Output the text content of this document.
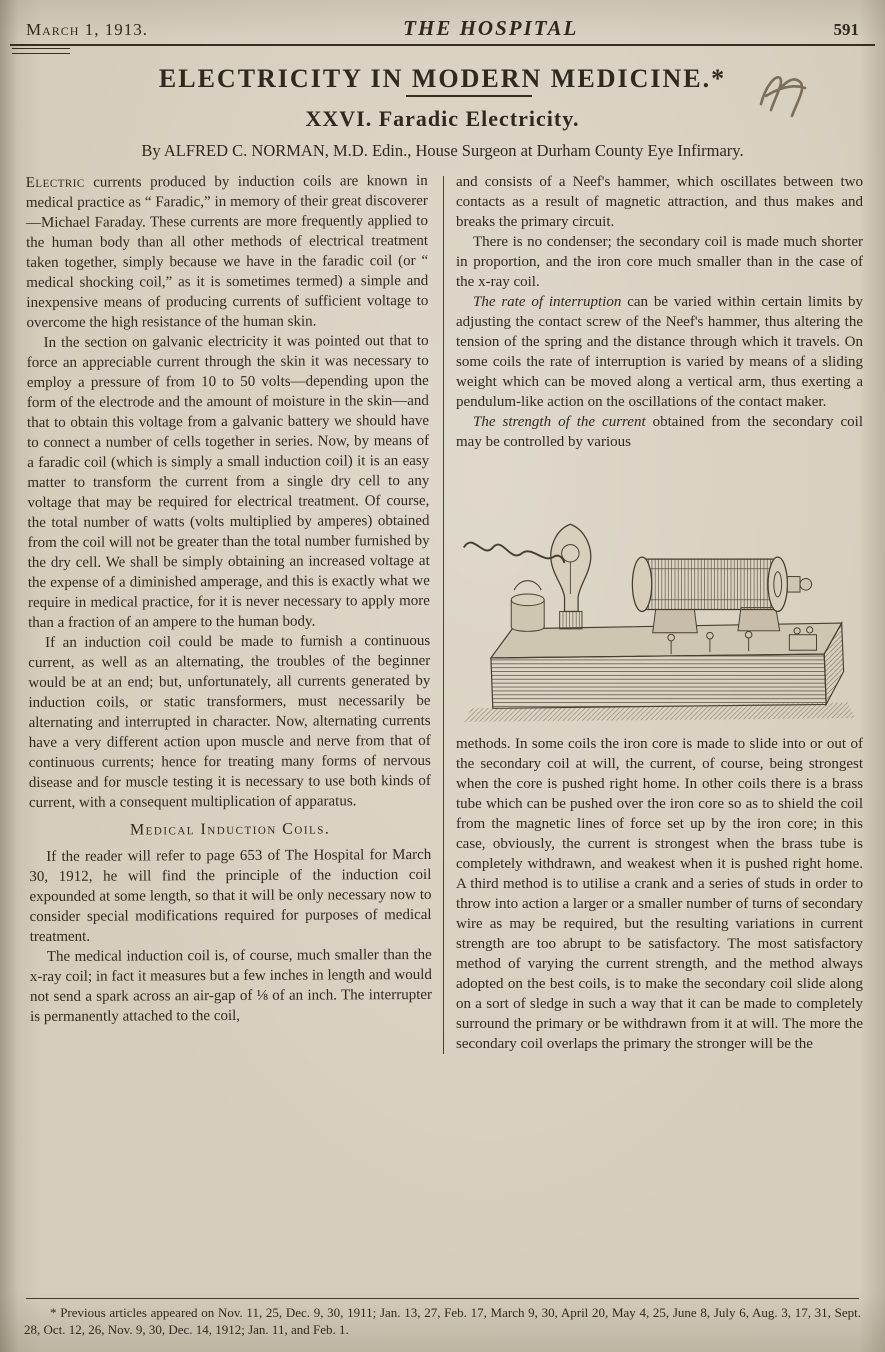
March 1, 1913.	THE HOSPITAL	591
ELECTRICITY IN MODERN MEDICINE.*
XXVI. Faradic Electricity.
By ALFRED C. NORMAN, M.D. Edin., House Surgeon at Durham County Eye Infirmary.

Electric currents produced by induction coils are known in medical practice as “ Faradic,” in memory of their great discoverer—Michael Faraday. These currents are more frequently applied to the human body than all other methods of electrical treatment taken together, simply because we have in the faradic coil (or “ medical shocking coil,” as it is sometimes termed) a simple and inexpensive means of producing currents of sufficient voltage to overcome the high resistance of the human skin.

In the section on galvanic electricity it was pointed out that to force an appreciable current through the skin it was necessary to employ a pressure of from 10 to 50 volts—depending upon the form of the electrode and the amount of moisture in the skin—and that to obtain this voltage from a galvanic battery we should have to connect a number of cells together in series. Now, by means of a faradic coil (which is simply a small induction coil) it is an easy matter to transform the current from a single dry cell to any voltage that may be required for electrical treatment. Of course, the total number of watts (volts multiplied by amperes) obtained from the coil will not be greater than the total number furnished by the dry cell. We shall be simply obtaining an increased voltage at the expense of a diminished amperage, and this is exactly what we require in medical practice, for it is never necessary to apply more than a fraction of an ampere to the human body.

If an induction coil could be made to furnish a continuous current, as well as an alternating, the troubles of the beginner would be at an end; but, unfortunately, all currents generated by induction coils, or static transformers, must necessarily be alternating and interrupted in character. Now, alternating currents have a very different action upon muscle and nerve from that of continuous currents; hence for treating many forms of nervous disease and for muscle testing it is necessary to use both kinds of current, with a consequent multiplication of apparatus.

Medical Induction Coils.

If the reader will refer to page 653 of The Hospital for March 30, 1912, he will find the principle of the induction coil expounded at some length, so that it will be only necessary now to consider special modifications required for purposes of medical treatment.

The medical induction coil is, of course, much smaller than the x-ray coil; in fact it measures but a few inches in length and would not send a spark across an air-gap of ⅛ of an inch. The interrupter is permanently attached to the coil,

and consists of a Neef's hammer, which oscillates between two contacts as a result of magnetic attraction, and thus makes and breaks the primary circuit.

There is no condenser; the secondary coil is made much shorter in proportion, and the iron core much smaller than in the case of the x-ray coil.

The rate of interruption can be varied within certain limits by adjusting the contact screw of the Neef's hammer, thus altering the tension of the spring and the distance through which it travels. On some coils the rate of interruption is varied by means of a sliding weight which can be moved along a vertical arm, thus exerting a pendulum-like action on the oscillations of the contact maker.

The strength of the current obtained from the secondary coil may be controlled by various

methods. In some coils the iron core is made to slide into or out of the secondary coil at will, the current, of course, being strongest when the core is pushed right home. In other coils there is a brass tube which can be pushed over the iron core so as to shield the coil from the magnetic lines of force set up by the iron core; in this case, obviously, the current is strongest when the brass tube is completely withdrawn, and weakest when it is pushed right home. A third method is to utilise a crank and a series of studs in order to throw into action a larger or a smaller number of turns of secondary wire as may be required, but the resulting variations in current strength are too abrupt to be satisfactory. The most satisfactory method of varying the current strength, and the method always adopted on the best coils, is to make the secondary coil slide along on a sort of sledge in such a way that it can be made to completely surround the primary or be withdrawn from it at will. The more the secondary coil overlaps the primary the stronger will be the

* Previous articles appeared on Nov. 11, 25, Dec. 9, 30, 1911; Jan. 13, 27, Feb. 17, March 9, 30, April 20, May 4, 25, June 8, July 6, Aug. 3, 17, 31, Sept. 28, Oct. 12, 26, Nov. 9, 30, Dec. 14, 1912; Jan. 11, and Feb. 1.
